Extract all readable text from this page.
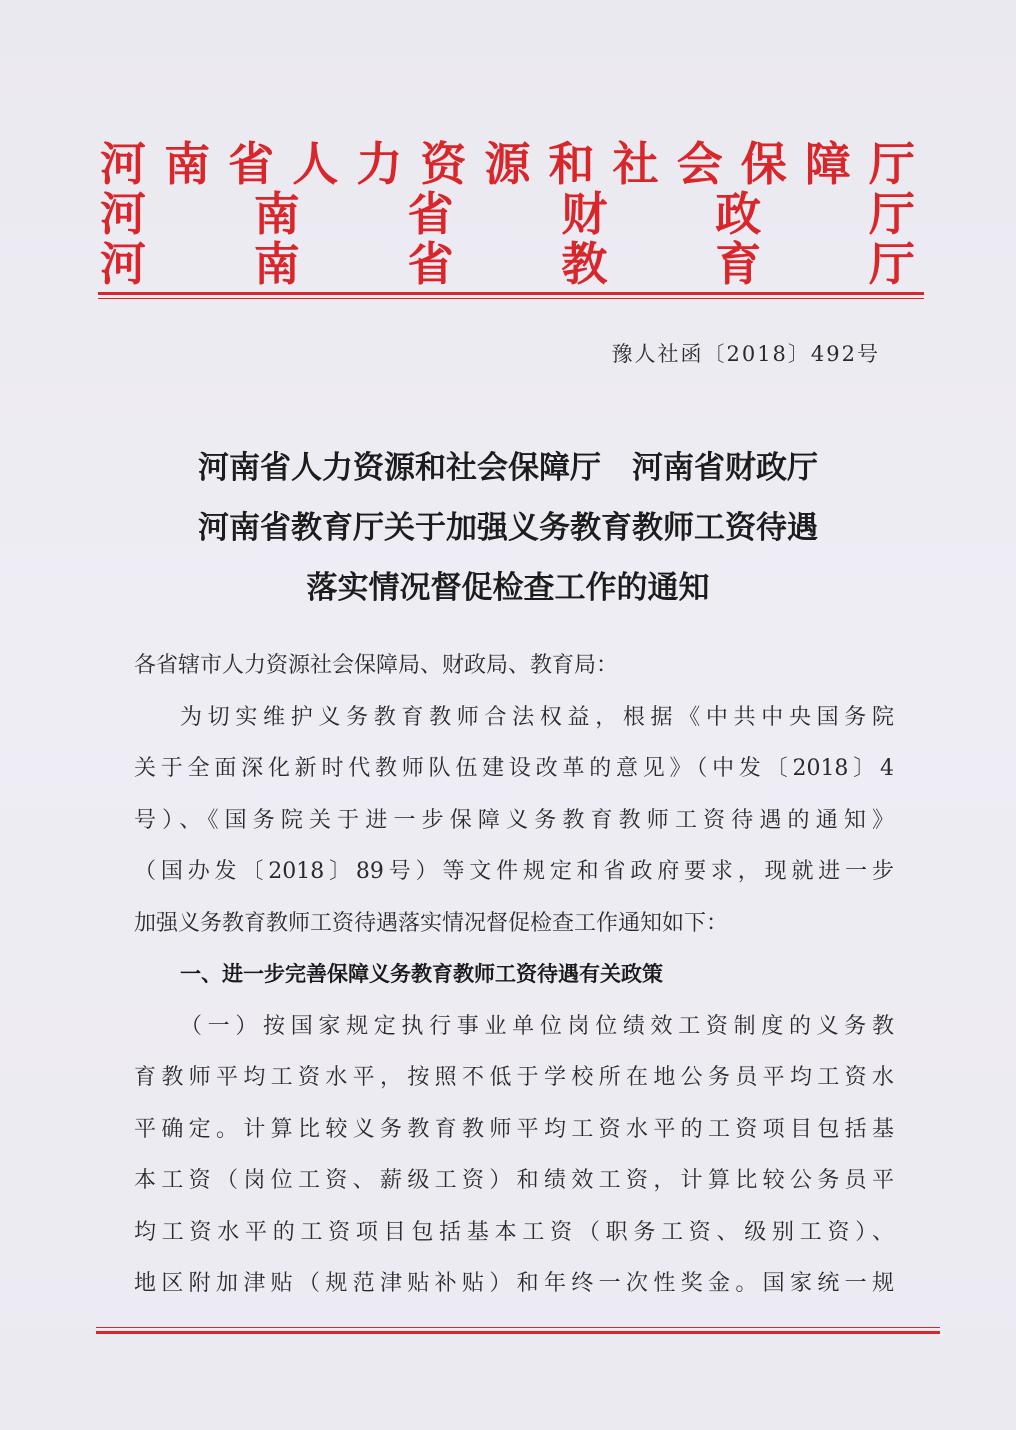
河 南 省 人 力 资 源 和 社 会 保 障 厅
河 南 省 财 政 厅
河 南 省 教 育 厅
豫人社函〔2018〕492号
河南省人力资源和社会保障厅　河南省财政厅
河南省教育厅关于加强义务教育教师工资待遇
落实情况督促检查工作的通知
各省辖市人力资源社会保障局、财政局、教育局：
为切实维护义务教育教师合法权益，根据《中共中央国务院
关于全面深化新时代教师队伍建设改革的意见》（中发〔2018〕4
号）、《国务院关于进一步保障义务教育教师工资待遇的通知》
（国办发〔2018〕89号）等文件规定和省政府要求，现就进一步
加强义务教育教师工资待遇落实情况督促检查工作通知如下：
一、进一步完善保障义务教育教师工资待遇有关政策
（一）按国家规定执行事业单位岗位绩效工资制度的义务教
育教师平均工资水平，按照不低于学校所在地公务员平均工资水
平确定。计算比较义务教育教师平均工资水平的工资项目包括基
本工资（岗位工资、薪级工资）和绩效工资，计算比较公务员平
均工资水平的工资项目包括基本工资（职务工资、级别工资）、
地区附加津贴（规范津贴补贴）和年终一次性奖金。国家统一规
